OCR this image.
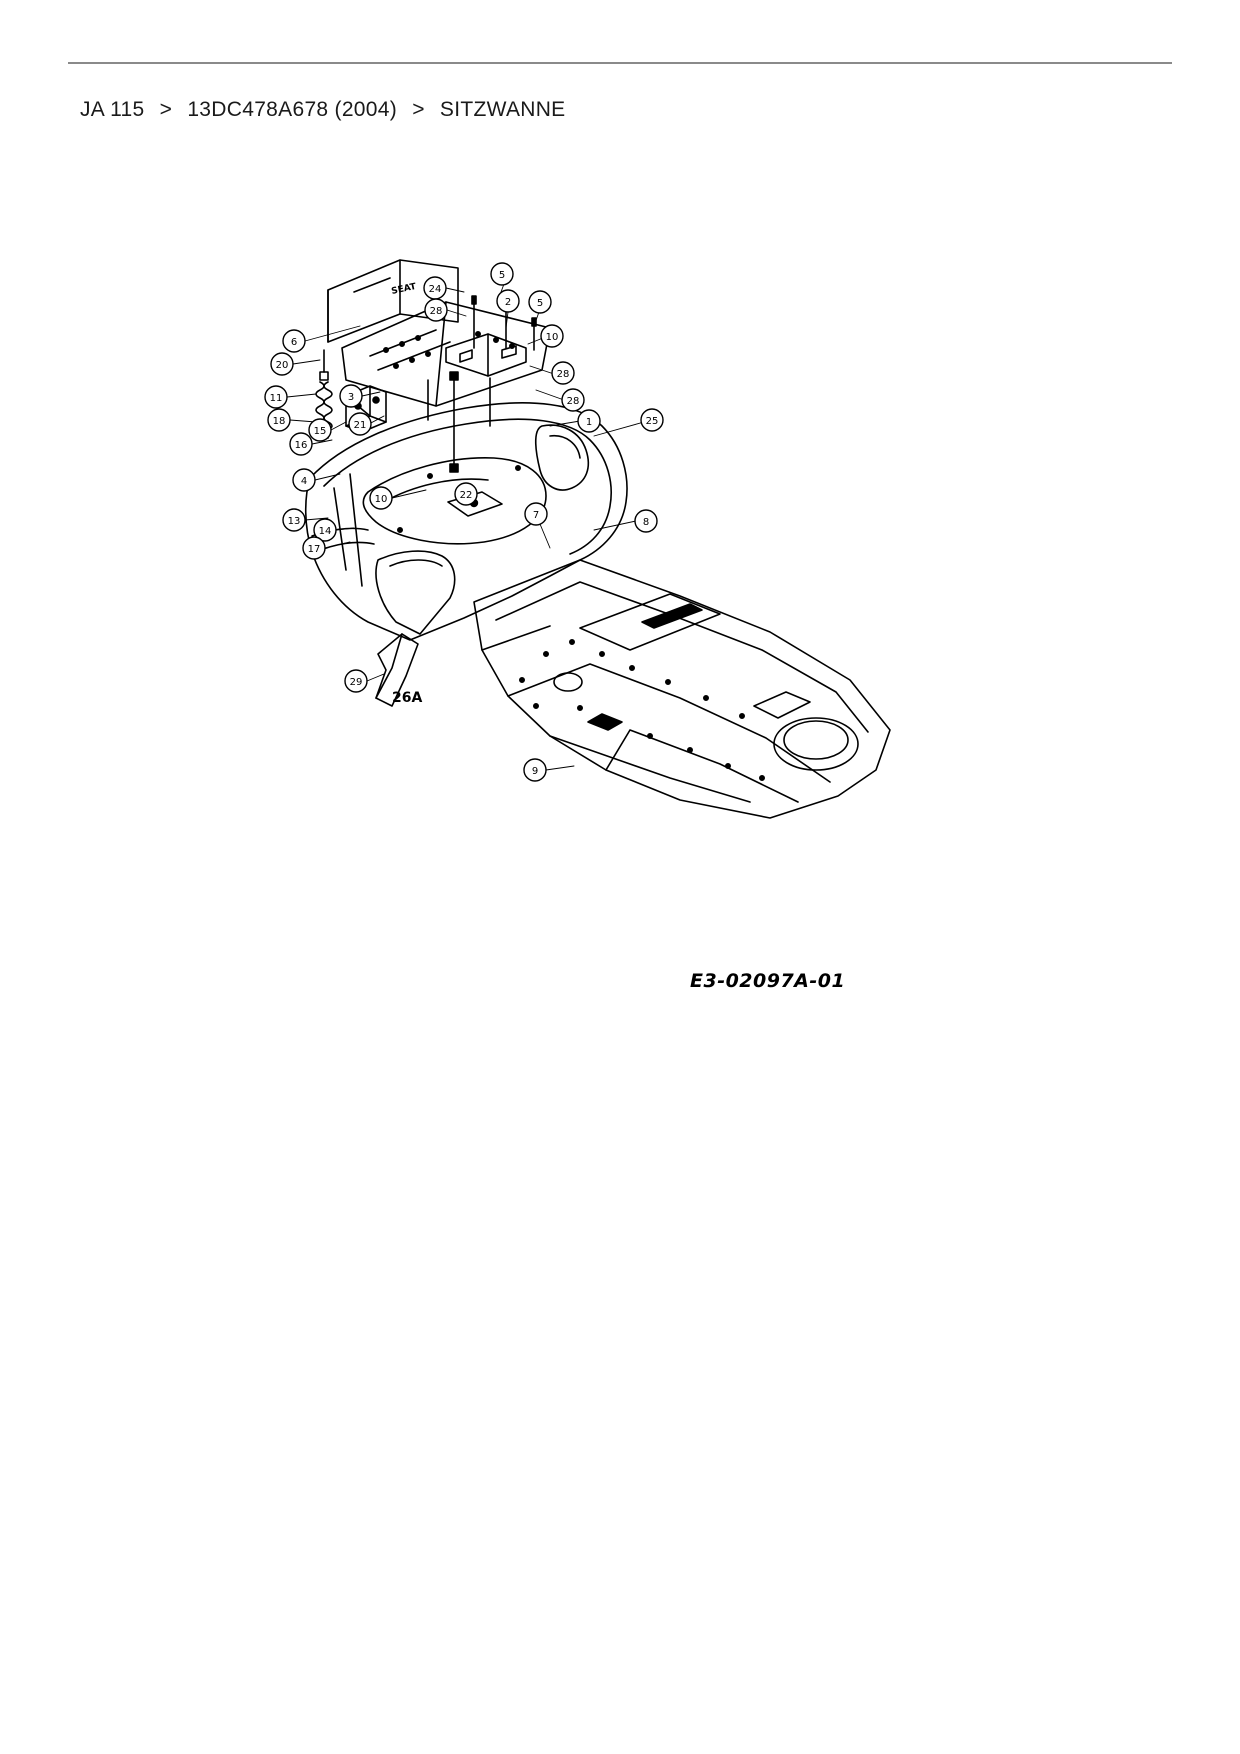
JA 115 > 13DC478A678 (2004) > SITZWANNE
SEAT 24
5
28
2	5
6	10
20
28
11	3	28
18	1
15
21	25
16
4
10	22
7
8
13
14
17
29
9
26A
E3-02097A-01
